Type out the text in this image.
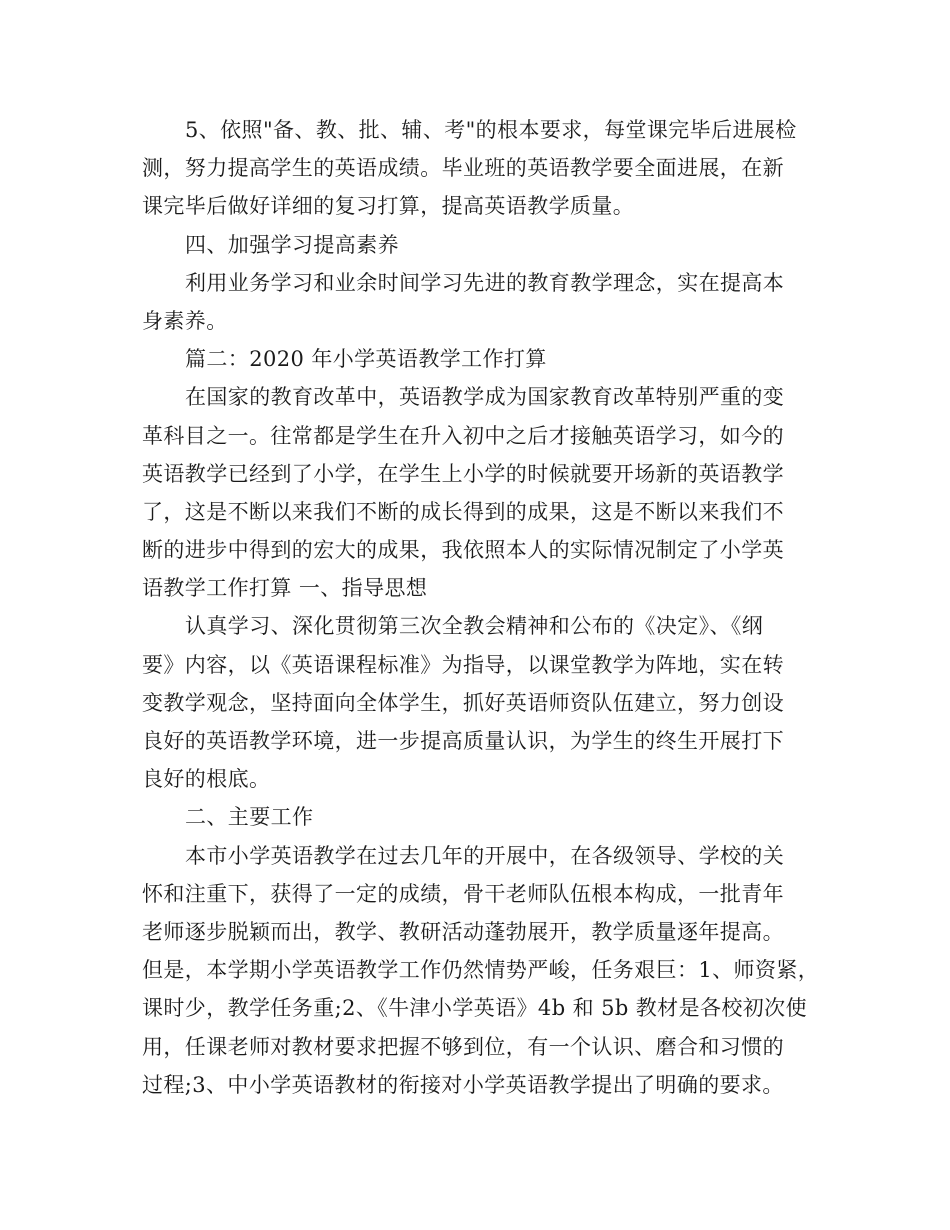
5、依照"备、教、批、辅、考"的根本要求，每堂课完毕后进展检
测，努力提高学生的英语成绩。毕业班的英语教学要全面进展，在新
课完毕后做好详细的复习打算，提高英语教学质量。
四、加强学习提高素养
利用业务学习和业余时间学习先进的教育教学理念，实在提高本
身素养。
篇二：2020 年小学英语教学工作打算
在国家的教育改革中，英语教学成为国家教育改革特别严重的变
革科目之一。往常都是学生在升入初中之后才接触英语学习，如今的
英语教学已经到了小学，在学生上小学的时候就要开场新的英语教学
了，这是不断以来我们不断的成长得到的成果，这是不断以来我们不
断的进步中得到的宏大的成果，我依照本人的实际情况制定了小学英
语教学工作打算 一、指导思想
认真学习、深化贯彻第三次全教会精神和公布的《决定》、《纲
要》内容，以《英语课程标准》为指导，以课堂教学为阵地，实在转
变教学观念，坚持面向全体学生，抓好英语师资队伍建立，努力创设
良好的英语教学环境，进一步提高质量认识，为学生的终生开展打下
良好的根底。
二、主要工作
本市小学英语教学在过去几年的开展中，在各级领导、学校的关
怀和注重下，获得了一定的成绩，骨干老师队伍根本构成，一批青年
老师逐步脱颖而出，教学、教研活动蓬勃展开，教学质量逐年提高。
但是，本学期小学英语教学工作仍然情势严峻，任务艰巨：1、师资紧，
课时少，教学任务重;2、《牛津小学英语》4b 和 5b 教材是各校初次使
用，任课老师对教材要求把握不够到位，有一个认识、磨合和习惯的
过程;3、中小学英语教材的衔接对小学英语教学提出了明确的要求。
